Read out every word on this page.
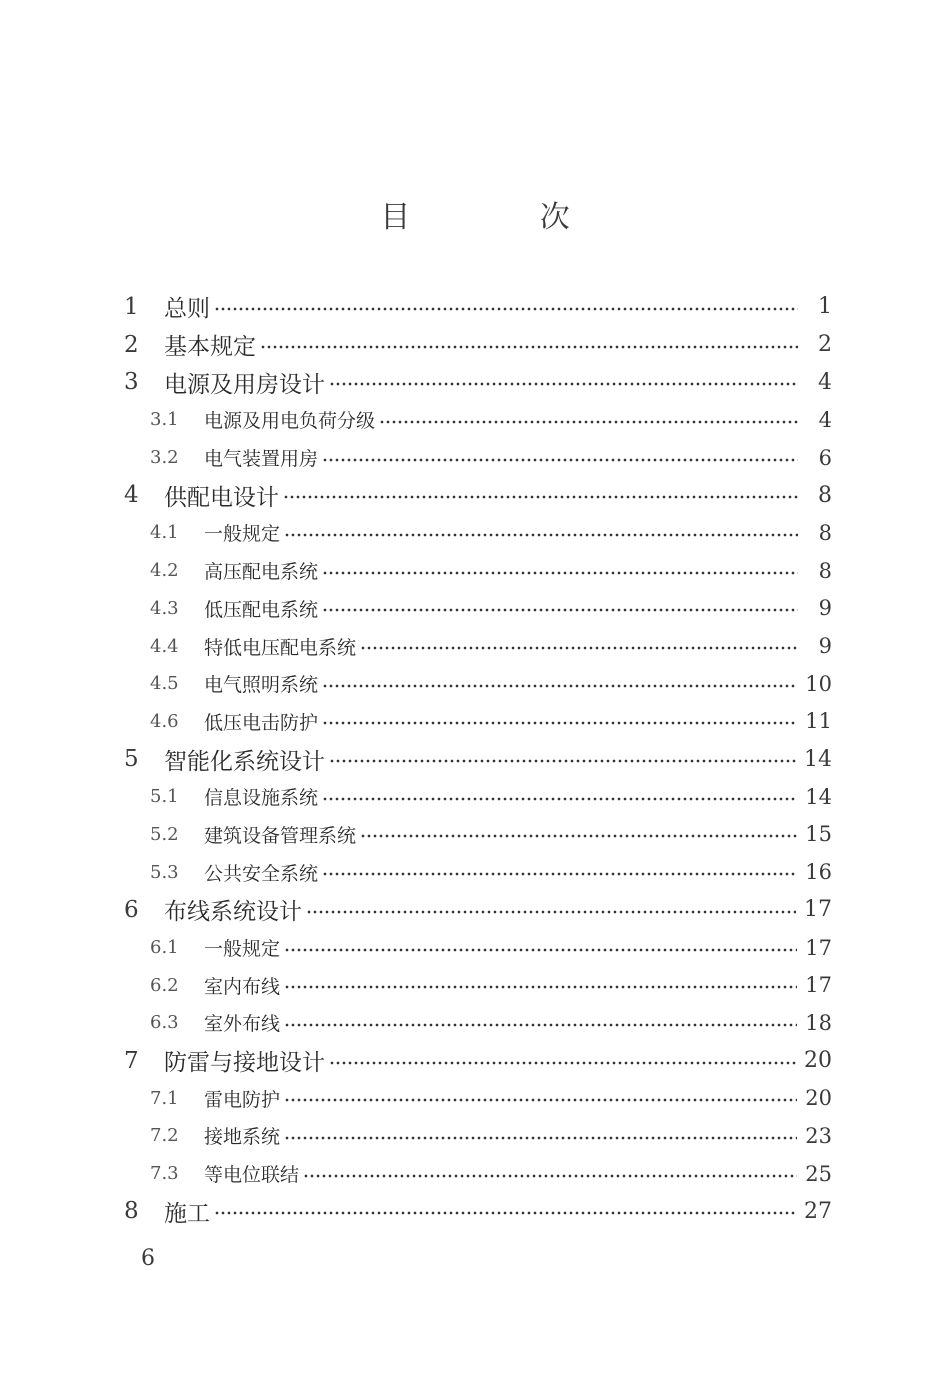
目 次
1	总则	1
2	基本规定	2
3	电源及用房设计	4
3.1	电源及用电负荷分级	4
3.2	电气装置用房	6
4	供配电设计	8
4.1	一般规定	8
4.2	高压配电系统	8
4.3	低压配电系统	9
4.4	特低电压配电系统	9
4.5	电气照明系统	10
4.6	低压电击防护	11
5	智能化系统设计	14
5.1	信息设施系统	14
5.2	建筑设备管理系统	15
5.3	公共安全系统	16
6	布线系统设计	17
6.1	一般规定	17
6.2	室内布线	17
6.3	室外布线	18
7	防雷与接地设计	20
7.1	雷电防护	20
7.2	接地系统	23
7.3	等电位联结	25
8	施工	27
6
